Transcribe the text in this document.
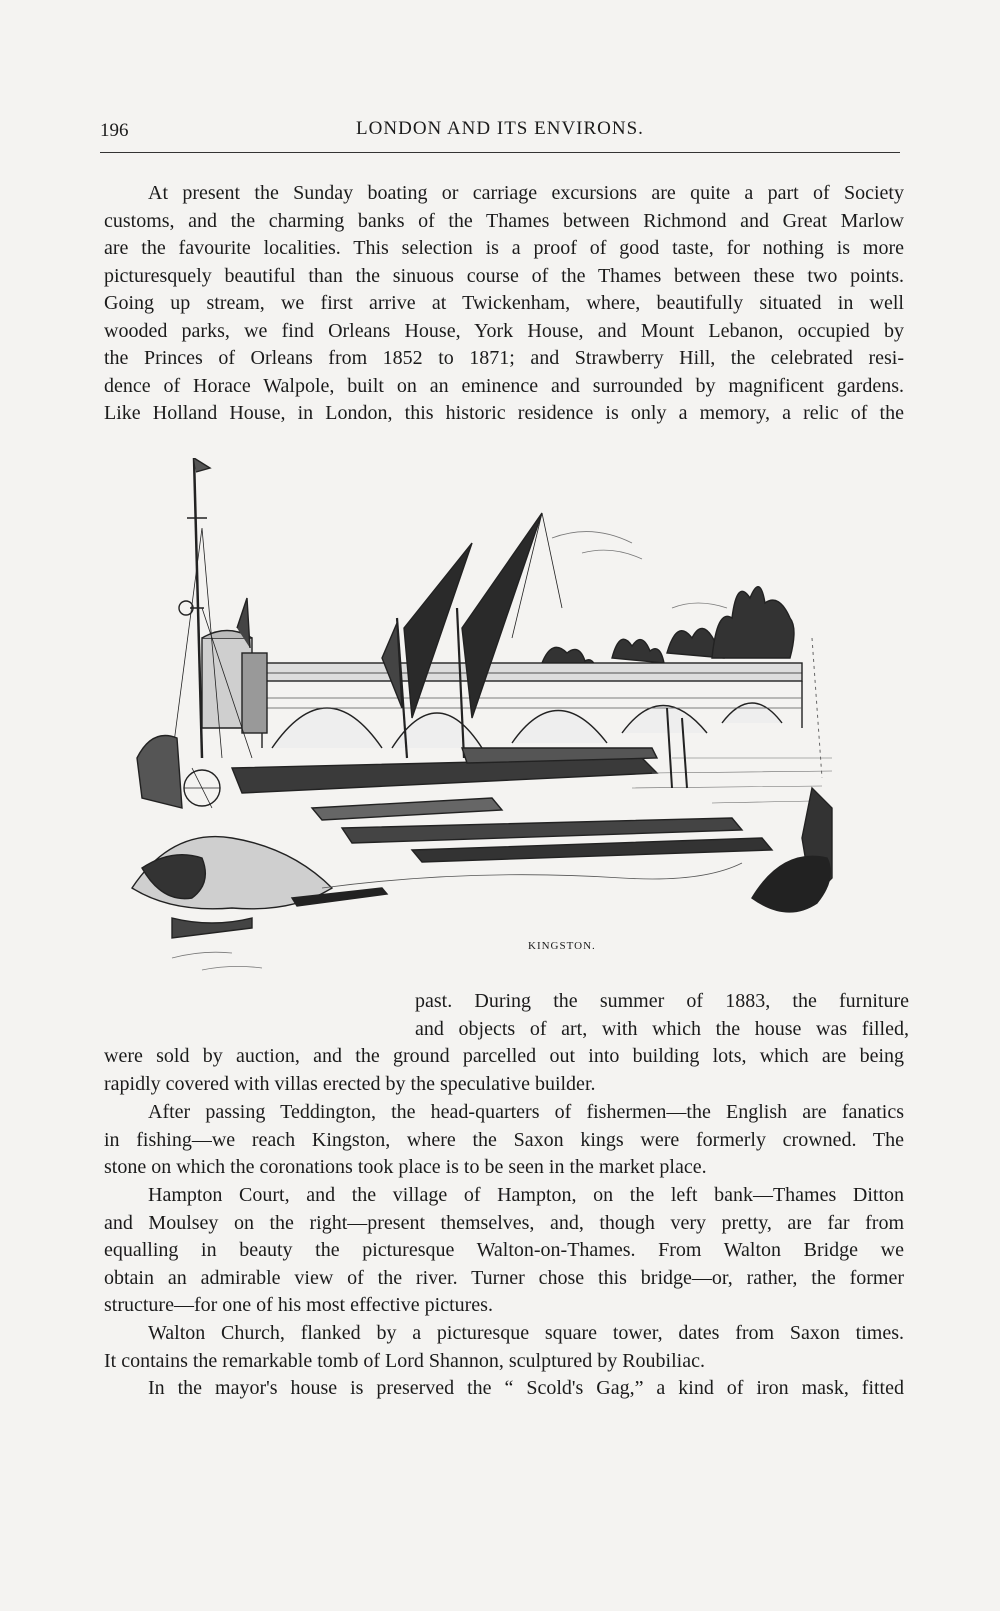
196	LONDON AND ITS ENVIRONS.
At present the Sunday boating or carriage excursions are quite a part of Society
customs, and the charming banks of the Thames between Richmond and Great Marlow
are the favourite localities. This selection is a proof of good taste, for nothing is more
picturesquely beautiful than the sinuous course of the Thames between these two points.
Going up stream, we first arrive at Twickenham, where, beautifully situated in well
wooded parks, we find Orleans House, York House, and Mount Lebanon, occupied by
the Princes of Orleans from 1852 to 1871; and Strawberry Hill, the celebrated resi-
dence of Horace Walpole, built on an eminence and surrounded by magnificent gardens.
Like Holland House, in London, this historic residence is only a memory, a relic of the
KINGSTON.
past. During the summer of 1883, the furniture
and objects of art, with which the house was filled,
were sold by auction, and the ground parcelled out into building lots, which are being
rapidly covered with villas erected by the speculative builder.
After passing Teddington, the head-quarters of fishermen—the English are fanatics
in fishing—we reach Kingston, where the Saxon kings were formerly crowned. The
stone on which the coronations took place is to be seen in the market place.
Hampton Court, and the village of Hampton, on the left bank—Thames Ditton
and Moulsey on the right—present themselves, and, though very pretty, are far from
equalling in beauty the picturesque Walton-on-Thames. From Walton Bridge we
obtain an admirable view of the river. Turner chose this bridge—or, rather, the former
structure—for one of his most effective pictures.
Walton Church, flanked by a picturesque square tower, dates from Saxon times.
It contains the remarkable tomb of Lord Shannon, sculptured by Roubiliac.
In the mayor's house is preserved the “ Scold's Gag,” a kind of iron mask, fitted
